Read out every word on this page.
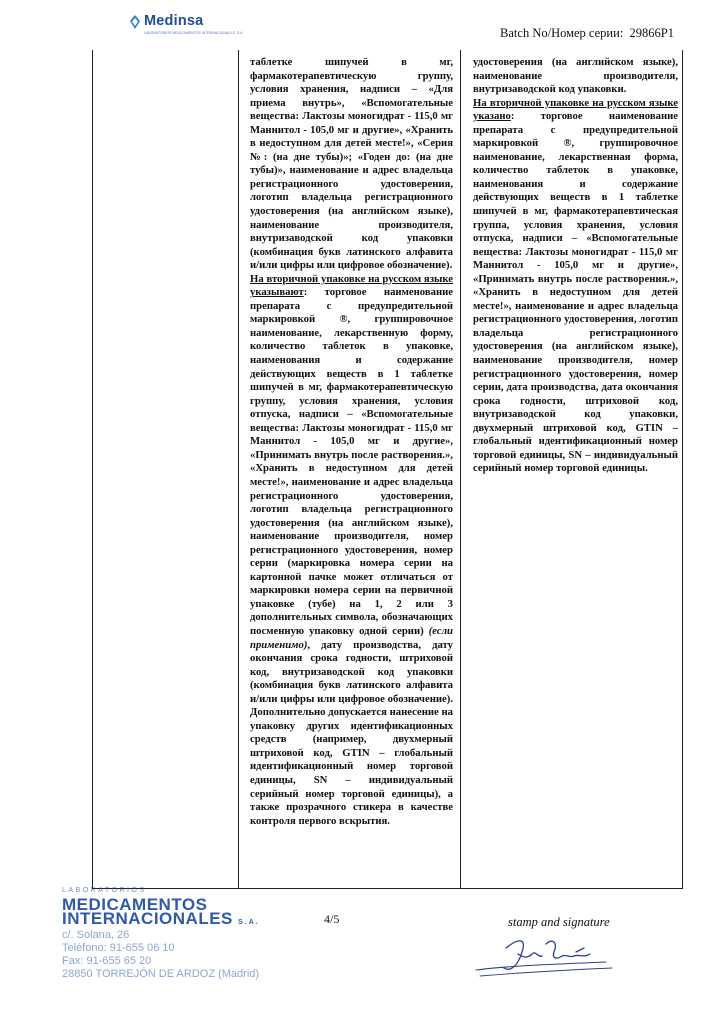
Medinsa
LABORATORIOS MEDICAMENTOS INTERNACIONALES, S.A.	Batch No/Номер серии: 29866P1

таблетке шипучей в мг, фармакотерапевтическую группу, условия хранения, надписи – «Для приема внутрь», «Вспомогательные вещества: Лактозы моногидрат - 115,0 мг Маннитол - 105,0 мг и другие», «Хранить в недоступном для детей месте!», «Серия №: (на дне тубы)»; «Годен до: (на дне тубы)», наименование и адрес владельца регистрационного удостоверения, логотип владельца регистрационного удостоверения (на английском языке), наименование производителя, внутризаводской код упаковки (комбинация букв латинского алфавита и/или цифры или цифровое обозначение).

На вторичной упаковке на русском языке указывают: торговое наименование препарата с предупредительной маркировкой ®, группировочное наименование, лекарственную форму, количество таблеток в упаковке, наименования и содержание действующих веществ в 1 таблетке шипучей в мг, фармакотерапевтическую группу, условия хранения, условия отпуска, надписи – «Вспомогательные вещества: Лактозы моногидрат - 115,0 мг Маннитол - 105,0 мг и другие», «Принимать внутрь после растворения.», «Хранить в недоступном для детей месте!», наименование и адрес владельца регистрационного удостоверения, логотип владельца регистрационного удостоверения (на английском языке), наименование производителя, номер регистрационного удостоверения, номер серии (маркировка номера серии на картонной пачке может отличаться от маркировки номера серии на первичной упаковке (тубе) на 1, 2 или 3 дополнительных символа, обозначающих посменную упаковку одной серии) (если применимо), дату производства, дату окончания срока годности, штриховой код, внутризаводской код упаковки (комбинация букв латинского алфавита и/или цифры или цифровое обозначение). Дополнительно допускается нанесение на упаковку других идентификационных средств (например, двухмерный штриховой код, GTIN – глобальный идентификационный номер торговой единицы, SN – индивидуальный серийный номер торговой единицы), а также прозрачного стикера в качестве контроля первого вскрытия.

удостоверения (на английском языке), наименование производителя, внутризаводской код упаковки.

На вторичной упаковке на русском языке указано: торговое наименование препарата с предупредительной маркировкой ®, группировочное наименование, лекарственная форма, количество таблеток в упаковке, наименования и содержание действующих веществ в 1 таблетке шипучей в мг, фармакотерапевтическая группа, условия хранения, условия отпуска, надписи – «Вспомогательные вещества: Лактозы моногидрат - 115,0 мг Маннитол - 105,0 мг и другие», «Принимать внутрь после растворения.», «Хранить в недоступном для детей месте!», наименование и адрес владельца регистрационного удостоверения, логотип владельца регистрационного удостоверения (на английском языке), наименование производителя, номер регистрационного удостоверения, номер серии, дата производства, дата окончания срока годности, штриховой код, внутризаводской код упаковки, двухмерный штриховой код, GTIN – глобальный идентификационный номер торговой единицы, SN – индивидуальный серийный номер торговой единицы.

LABORATORIOS
MEDICAMENTOS
INTERNACIONALES S.A.
c/. Solana, 26
Teléfono: 91-655 06 10
Fax: 91-655 65 20
28850 TORREJÓN DE ARDOZ (Madrid)
4/5	stamp and signature
